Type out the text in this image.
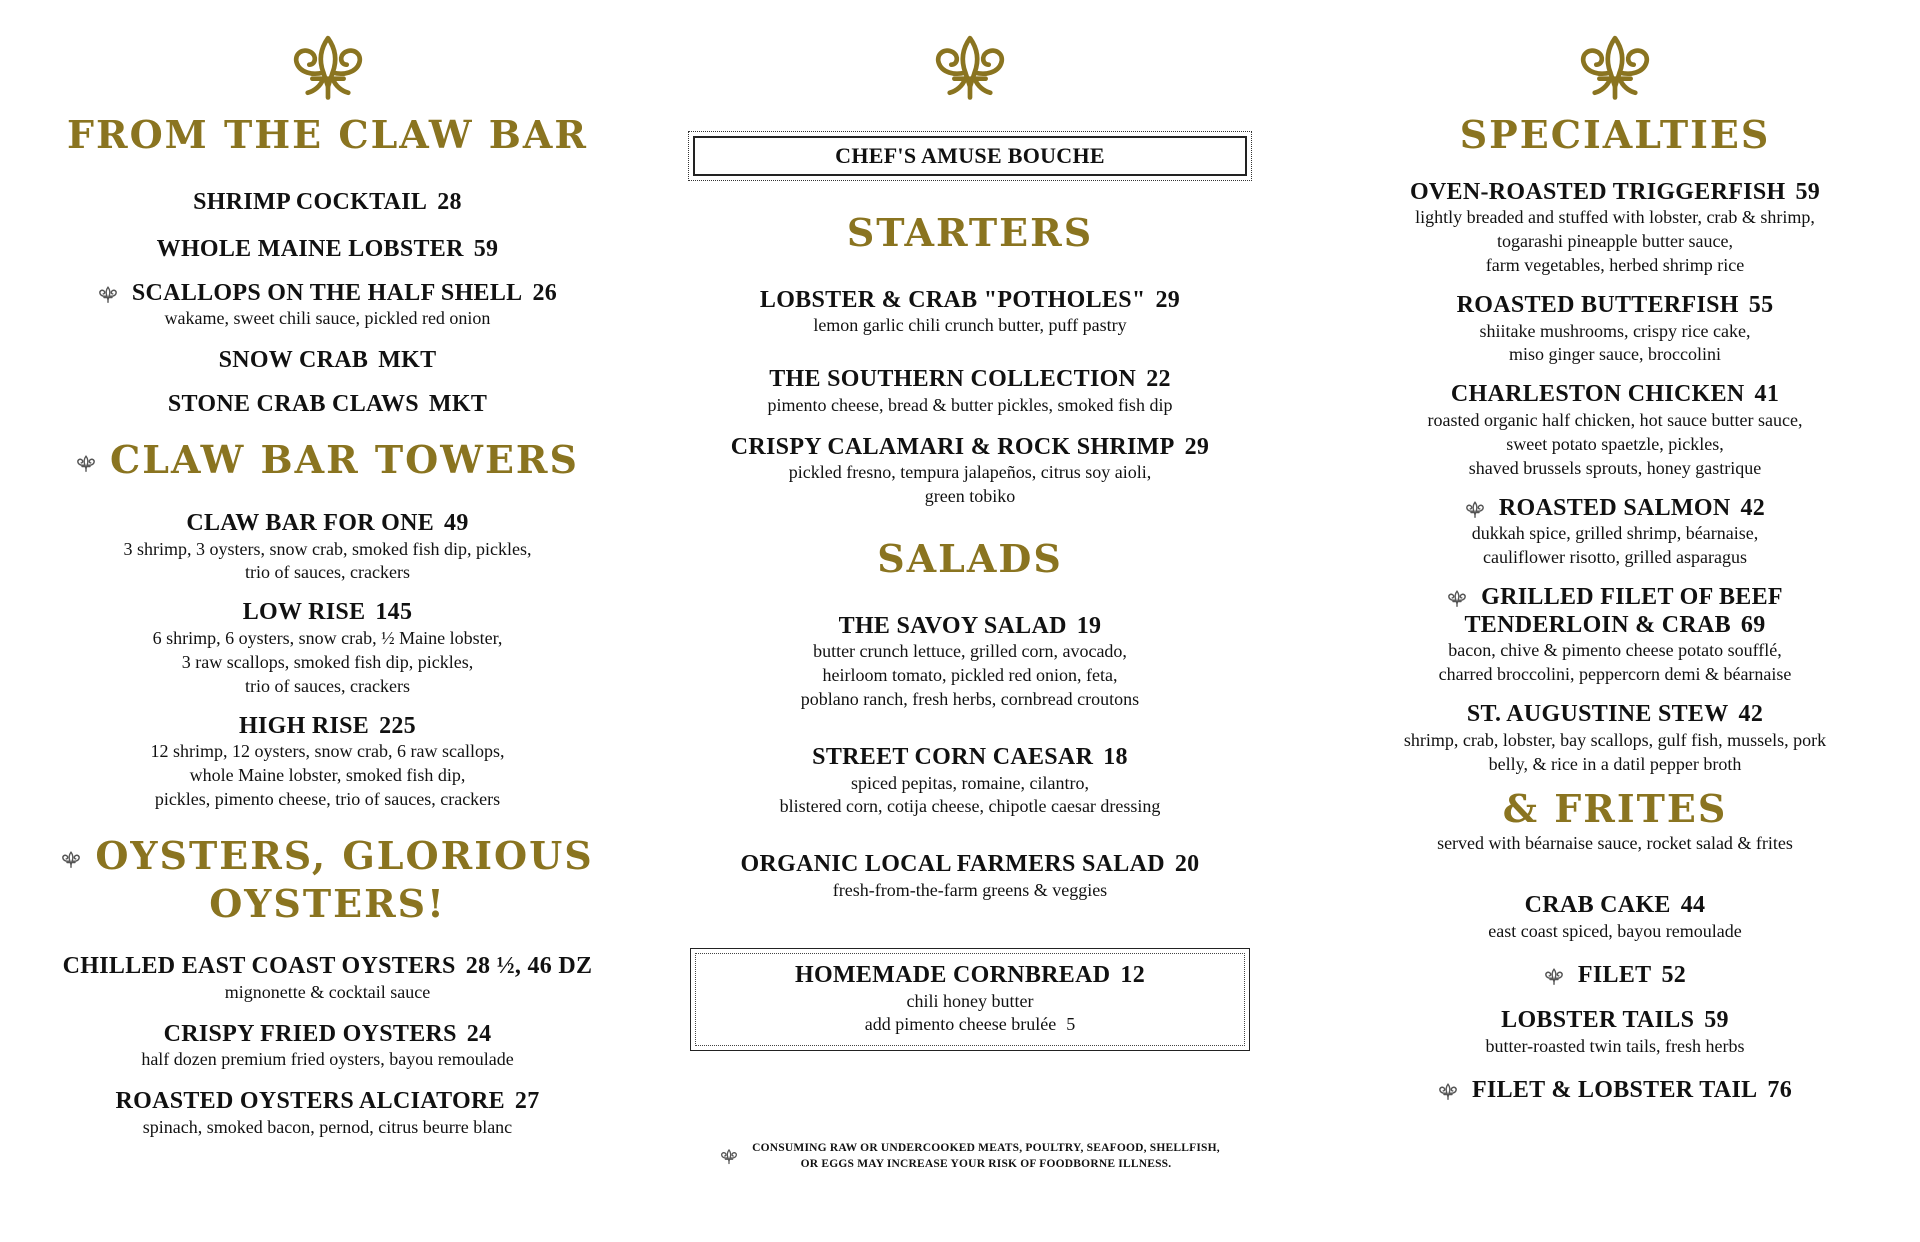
FROM THE CLAW BAR
SHRIMP COCKTAIL 28
WHOLE MAINE LOBSTER 59
SCALLOPS ON THE HALF SHELL 26
wakame, sweet chili sauce, pickled red onion
SNOW CRAB MKT
STONE CRAB CLAWS MKT
CLAW BAR TOWERS
CLAW BAR FOR ONE 49
3 shrimp, 3 oysters, snow crab, smoked fish dip, pickles,
trio of sauces, crackers
LOW RISE 145
6 shrimp, 6 oysters, snow crab, ½ Maine lobster,
3 raw scallops, smoked fish dip, pickles,
trio of sauces, crackers
HIGH RISE 225
12 shrimp, 12 oysters, snow crab, 6 raw scallops,
whole Maine lobster, smoked fish dip,
pickles, pimento cheese, trio of sauces, crackers
OYSTERS, GLORIOUS
OYSTERS!
CHILLED EAST COAST OYSTERS 28 ½, 46 DZ
mignonette & cocktail sauce
CRISPY FRIED OYSTERS 24
half dozen premium fried oysters, bayou remoulade
ROASTED OYSTERS ALCIATORE 27
spinach, smoked bacon, pernod, citrus beurre blanc
CHEF'S AMUSE BOUCHE
STARTERS
LOBSTER & CRAB "POTHOLES" 29
lemon garlic chili crunch butter, puff pastry
THE SOUTHERN COLLECTION 22
pimento cheese, bread & butter pickles, smoked fish dip
CRISPY CALAMARI & ROCK SHRIMP 29
pickled fresno, tempura jalapeños, citrus soy aioli,
green tobiko
SALADS
THE SAVOY SALAD 19
butter crunch lettuce, grilled corn, avocado,
heirloom tomato, pickled red onion, feta,
poblano ranch, fresh herbs, cornbread croutons
STREET CORN CAESAR 18
spiced pepitas, romaine, cilantro,
blistered corn, cotija cheese, chipotle caesar dressing
ORGANIC LOCAL FARMERS SALAD 20
fresh-from-the-farm greens & veggies
HOMEMADE CORNBREAD 12
chili honey butter
add pimento cheese brulée 5
CONSUMING RAW OR UNDERCOOKED MEATS, POULTRY, SEAFOOD, SHELLFISH,
OR EGGS MAY INCREASE YOUR RISK OF FOODBORNE ILLNESS.
SPECIALTIES
OVEN-ROASTED TRIGGERFISH 59
lightly breaded and stuffed with lobster, crab & shrimp,
togarashi pineapple butter sauce,
farm vegetables, herbed shrimp rice
ROASTED BUTTERFISH 55
shiitake mushrooms, crispy rice cake,
miso ginger sauce, broccolini
CHARLESTON CHICKEN 41
roasted organic half chicken, hot sauce butter sauce,
sweet potato spaetzle, pickles,
shaved brussels sprouts, honey gastrique
ROASTED SALMON 42
dukkah spice, grilled shrimp, béarnaise,
cauliflower risotto, grilled asparagus
GRILLED FILET OF BEEF
TENDERLOIN & CRAB 69
bacon, chive & pimento cheese potato soufflé,
charred broccolini, peppercorn demi & béarnaise
ST. AUGUSTINE STEW 42
shrimp, crab, lobster, bay scallops, gulf fish, mussels, pork
belly, & rice in a datil pepper broth
& FRITES
served with béarnaise sauce, rocket salad & frites
CRAB CAKE 44
east coast spiced, bayou remoulade
FILET 52
LOBSTER TAILS 59
butter-roasted twin tails, fresh herbs
FILET & LOBSTER TAIL 76
